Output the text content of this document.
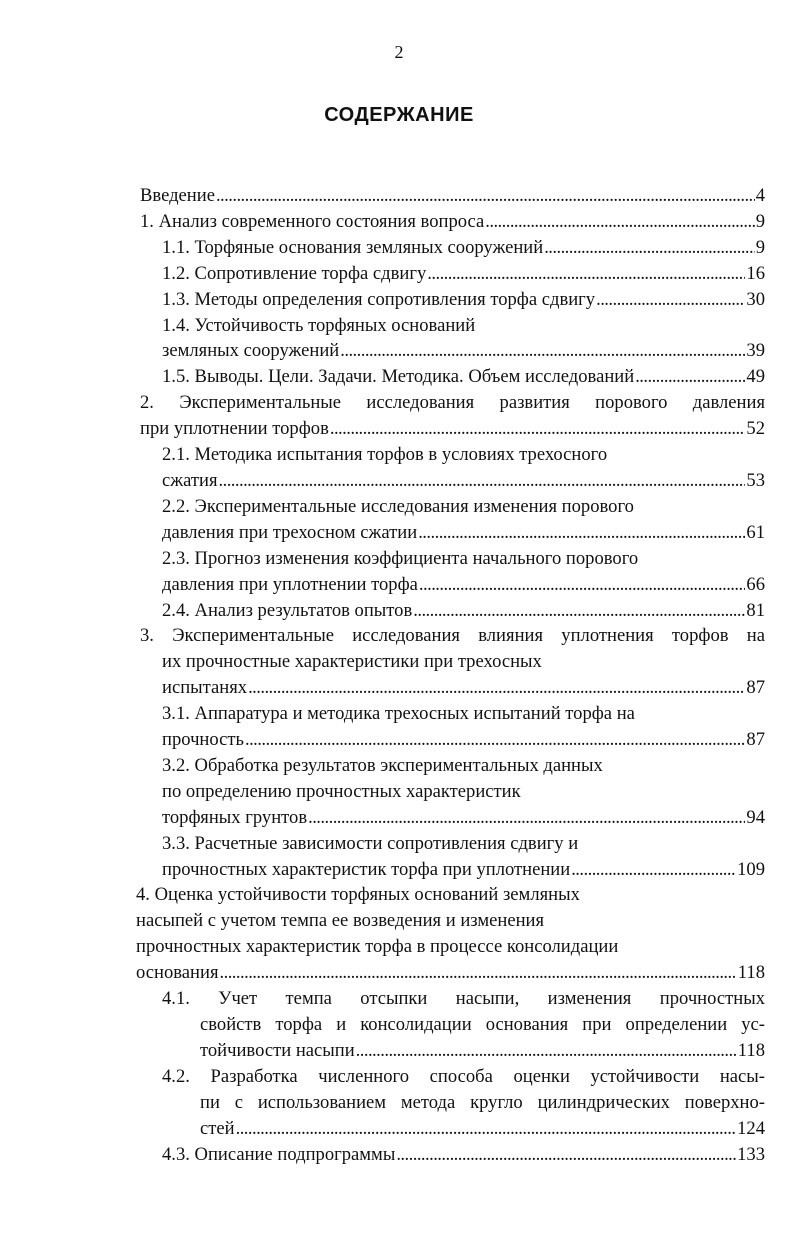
2
СОДЕРЖАНИЕ
Введение . . .	4
1. Анализ современного состояния вопроса . . .	9
1.1. Торфяные основания земляных сооружений . . .	9
1.2. Сопротивление торфа сдвигу . . .	16
1.3. Методы определения сопротивления торфа сдвигу . . .	30
1.4. Устойчивость торфяных оснований
земляных сооружений . . .	39
1.5. Выводы. Цели. Задачи. Методика. Объем исследований . . .	49
2. Экспериментальные исследования развития порового давления
при уплотнении торфов . . .	52
2.1. Методика испытания торфов в условиях трехосного
сжатия . . .	53
2.2. Экспериментальные исследования изменения порового
давления при трехосном сжатии . . .	61
2.3. Прогноз изменения коэффициента начального порового
давления при уплотнении торфа . . .	66
2.4. Анализ результатов опытов . . .	81
3. Экспериментальные исследования влияния уплотнения торфов на
их прочностные характеристики при трехосных
испытанях . . .	87
3.1. Аппаратура и методика трехосных испытаний торфа на
прочность . . .	87
3.2. Обработка результатов экспериментальных данных
по определению прочностных характеристик
торфяных грунтов . . .	94
3.3. Расчетные зависимости сопротивления сдвигу и
прочностных характеристик торфа при уплотнении . . .	109
4. Оценка устойчивости торфяных оснований земляных
насыпей с учетом темпа ее возведения и изменения
прочностных характеристик торфа в процессе консолидации
основания . . .	118
4.1. Учет темпа отсыпки насыпи, изменения прочностных
свойств торфа и консолидации основания при определении ус-
тойчивости насыпи . . .	118
4.2. Разработка численного способа оценки устойчивости насы-
пи с использованием метода кругло цилиндрических поверхно-
стей . . .	124
4.3. Описание подпрограммы . . .	133
